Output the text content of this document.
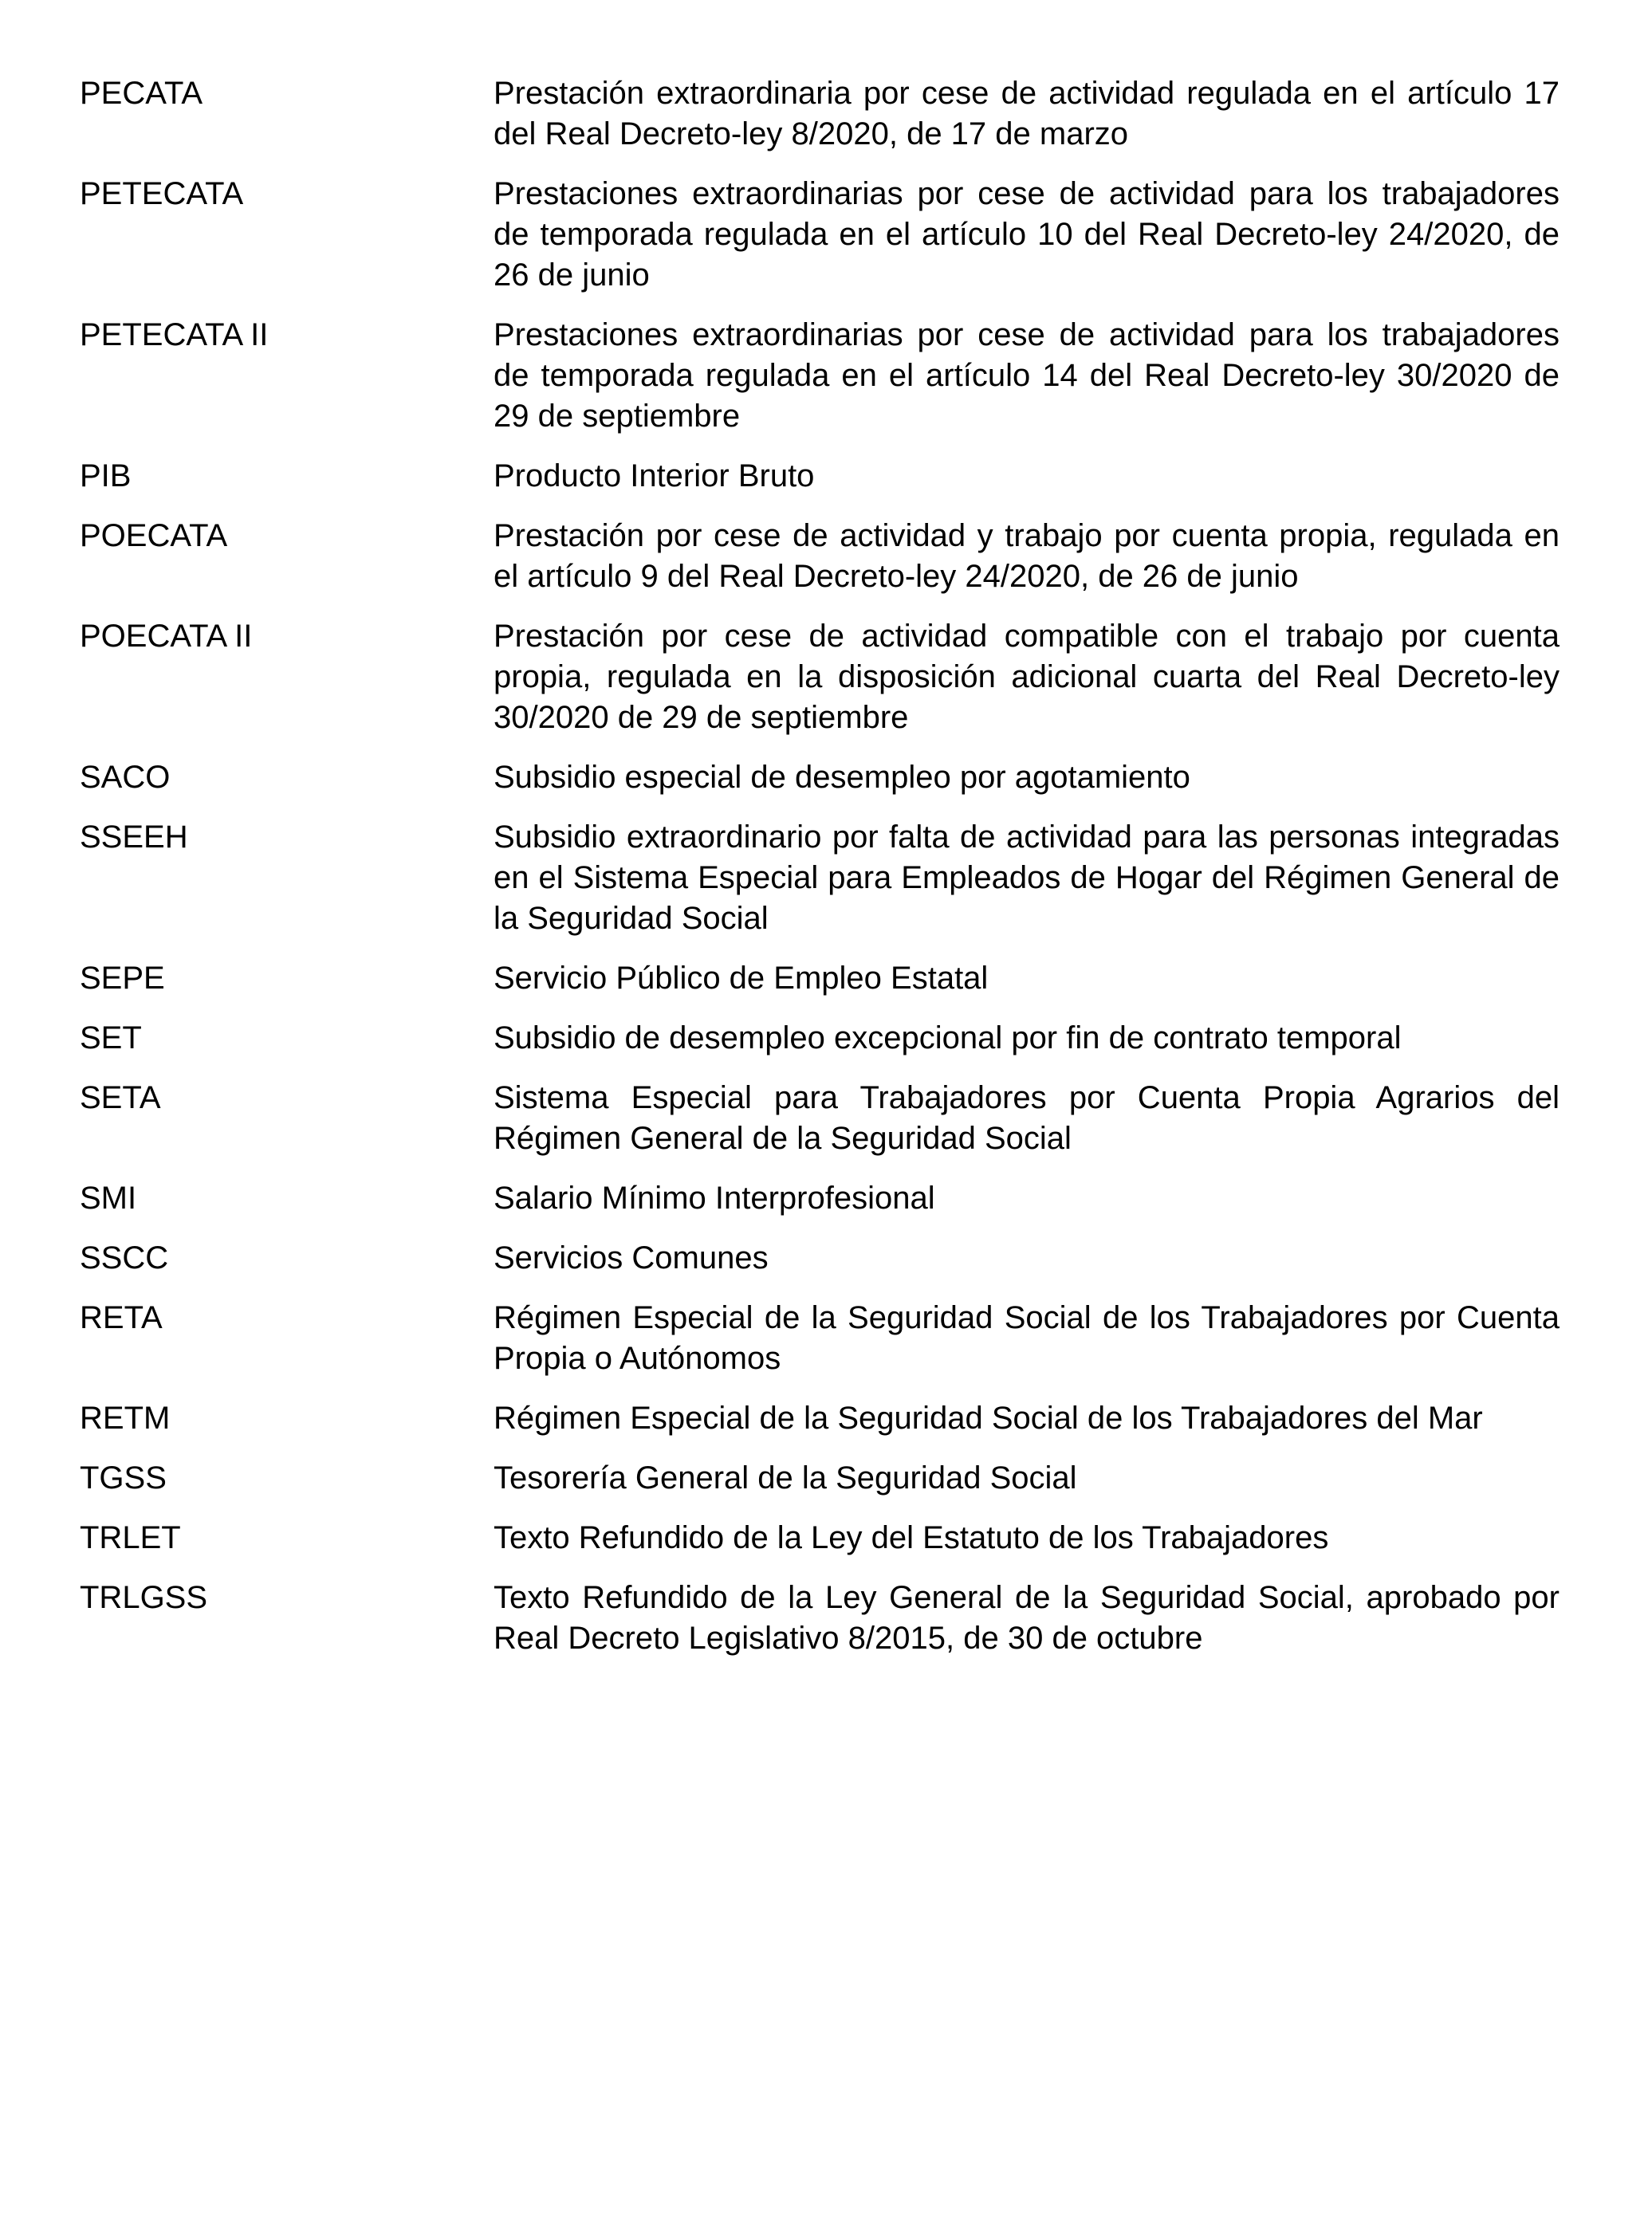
PECATA	Prestación extraordinaria por cese de actividad regulada en el artículo 17 del Real Decreto-ley 8/2020, de 17 de marzo
PETECATA	Prestaciones extraordinarias por cese de actividad para los trabajadores de temporada regulada en el artículo 10 del Real Decreto-ley 24/2020, de 26 de junio
PETECATA II	Prestaciones extraordinarias por cese de actividad para los trabajadores de temporada regulada en el artículo 14 del Real Decreto-ley 30/2020 de 29 de septiembre
PIB	Producto Interior Bruto
POECATA	Prestación por cese de actividad y trabajo por cuenta propia, regulada en el artículo 9 del Real Decreto-ley 24/2020, de 26 de junio
POECATA II	Prestación por cese de actividad compatible con el trabajo por cuenta propia, regulada en la disposición adicional cuarta del Real Decreto-ley 30/2020 de 29 de septiembre
SACO	Subsidio especial de desempleo por agotamiento
SSEEH	Subsidio extraordinario por falta de actividad para las personas integradas en el Sistema Especial para Empleados de Hogar del Régimen General de la Seguridad Social
SEPE	Servicio Público de Empleo Estatal
SET	Subsidio de desempleo excepcional por fin de contrato temporal
SETA	Sistema Especial para Trabajadores por Cuenta Propia Agrarios del Régimen General de la Seguridad Social
SMI	Salario Mínimo Interprofesional
SSCC	Servicios Comunes
RETA	Régimen Especial de la Seguridad Social de los Trabajadores por Cuenta Propia o Autónomos
RETM	Régimen Especial de la Seguridad Social de los Trabajadores del Mar
TGSS	Tesorería General de la Seguridad Social
TRLET	Texto Refundido de la Ley del Estatuto de los Trabajadores
TRLGSS	Texto Refundido de la Ley General de la Seguridad Social, aprobado por Real Decreto Legislativo 8/2015, de 30 de octubre
